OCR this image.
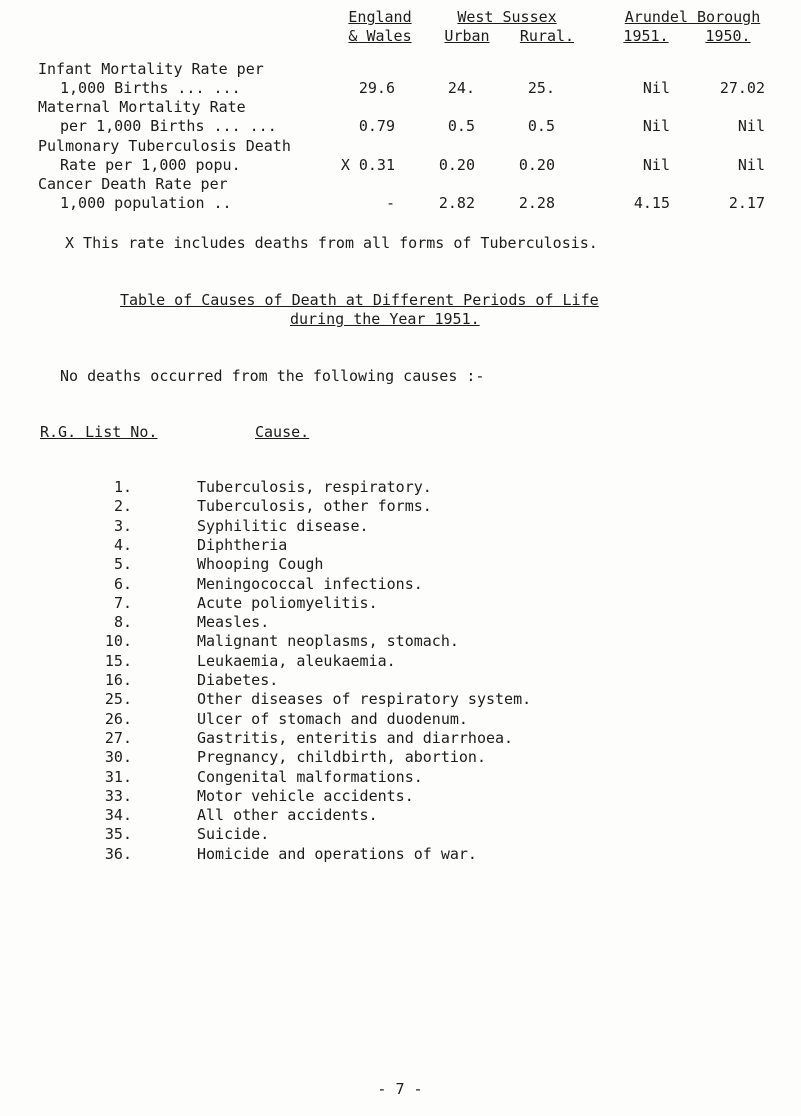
England
& Wales
West Sussex
Urban	Rural.
Arundel Borough
1951.	1950.
Infant Mortality Rate per
1,000 Births ... ...	29.6	24.	25.	Nil	27.02
Maternal Mortality Rate
per 1,000 Births ... ...	0.79	0.5	0.5	Nil	Nil
Pulmonary Tuberculosis Death
Rate per 1,000 popu.	X 0.31	0.20	0.20	Nil	Nil
Cancer Death Rate per
1,000 population ..	-	2.82	2.28	4.15	2.17
X This rate includes deaths from all forms of Tuberculosis.
Table of Causes of Death at Different Periods of Life
during the Year 1951.
No deaths occurred from the following causes :-
R.G. List No.	Cause.
1.	Tuberculosis, respiratory.
2.	Tuberculosis, other forms.
3.	Syphilitic disease.
4.	Diphtheria
5.	Whooping Cough
6.	Meningococcal infections.
7.	Acute poliomyelitis.
8.	Measles.
10.	Malignant neoplasms, stomach.
15.	Leukaemia, aleukaemia.
16.	Diabetes.
25.	Other diseases of respiratory system.
26.	Ulcer of stomach and duodenum.
27.	Gastritis, enteritis and diarrhoea.
30.	Pregnancy, childbirth, abortion.
31.	Congenital malformations.
33.	Motor vehicle accidents.
34.	All other accidents.
35.	Suicide.
36.	Homicide and operations of war.
- 7 -
